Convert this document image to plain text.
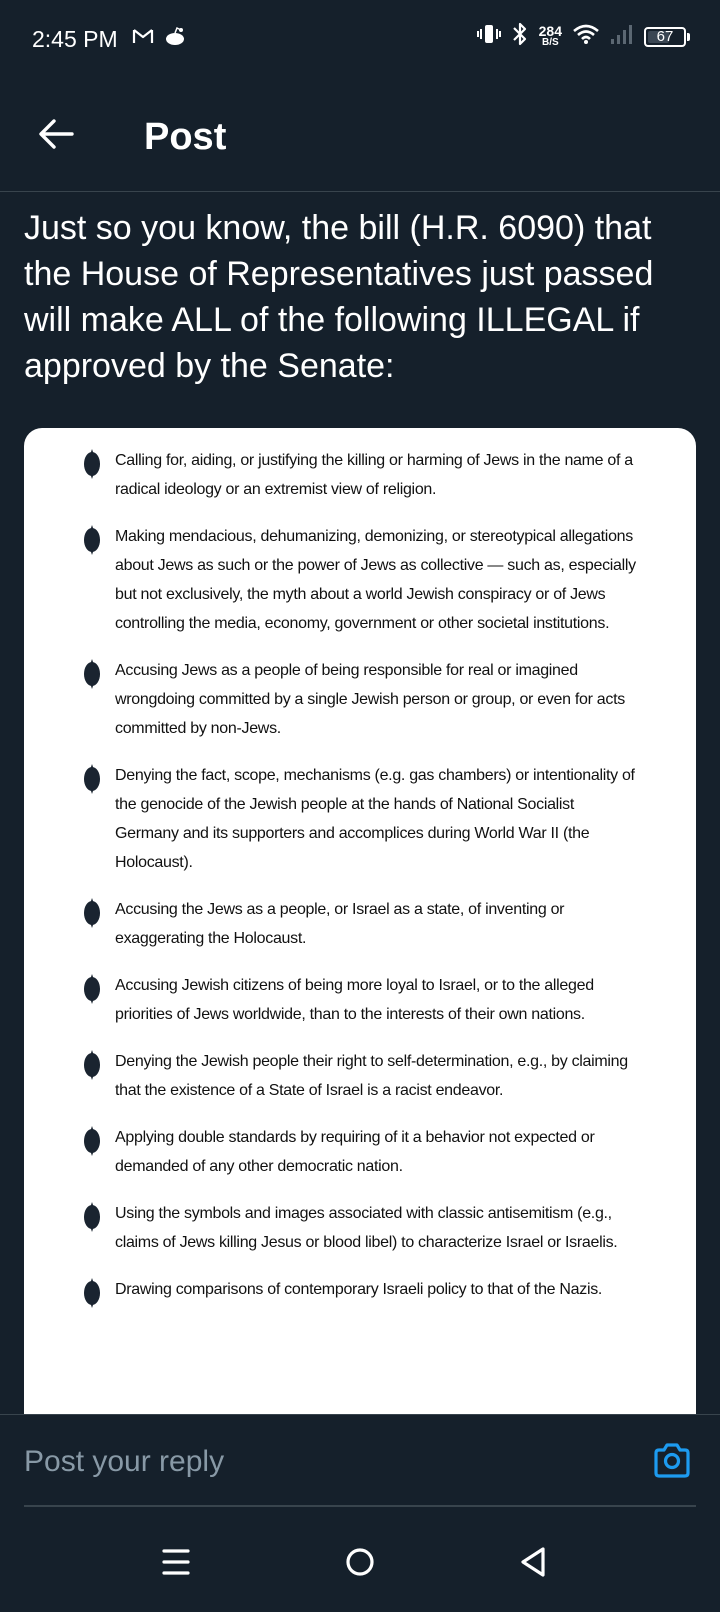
2:45 PM	284
B/S	67
Post
Just so you know, the bill (H.R. 6090) that the House of Representatives just passed will make ALL of the following ILLEGAL if approved by the Senate:
Calling for, aiding, or justifying the killing or harming of Jews in the name of a radical ideology or an extremist view of religion.
Making mendacious, dehumanizing, demonizing, or stereotypical allegations about Jews as such or the power of Jews as collective — such as, especially but not exclusively, the myth about a world Jewish conspiracy or of Jews controlling the media, economy, government or other societal institutions.
Accusing Jews as a people of being responsible for real or imagined wrongdoing committed by a single Jewish person or group, or even for acts committed by non-Jews.
Denying the fact, scope, mechanisms (e.g. gas chambers) or intentionality of the genocide of the Jewish people at the hands of National Socialist Germany and its supporters and accomplices during World War II (the Holocaust).
Accusing the Jews as a people, or Israel as a state, of inventing or exaggerating the Holocaust.
Accusing Jewish citizens of being more loyal to Israel, or to the alleged priorities of Jews worldwide, than to the interests of their own nations.
Denying the Jewish people their right to self-determination, e.g., by claiming that the existence of a State of Israel is a racist endeavor.
Applying double standards by requiring of it a behavior not expected or demanded of any other democratic nation.
Using the symbols and images associated with classic antisemitism (e.g., claims of Jews killing Jesus or blood libel) to characterize Israel or Israelis.
Drawing comparisons of contemporary Israeli policy to that of the Nazis.
Post your reply
